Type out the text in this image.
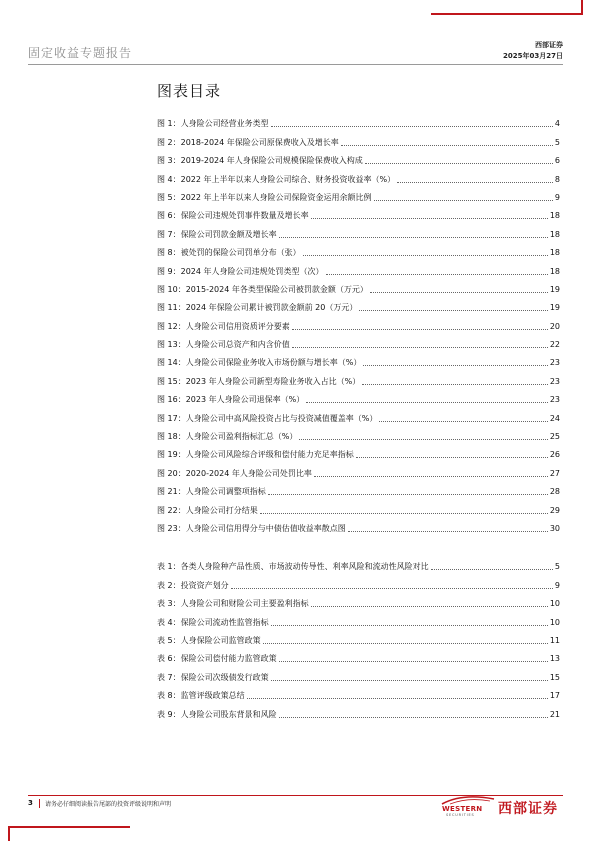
固定收益专题报告
西部证券
2025年03月27日
图表目录
图 1：人身险公司经营业务类型	4
图 2：2018-2024 年保险公司原保费收入及增长率	5
图 3：2019-2024 年人身保险公司规模保险保费收入构成	6
图 4：2022 年上半年以来人身险公司综合、财务投资收益率（%）	8
图 5：2022 年上半年以来人身险公司保险资金运用余额比例	9
图 6：保险公司违规处罚事件数量及增长率	18
图 7：保险公司罚款金额及增长率	18
图 8：被处罚的保险公司罚单分布（张）	18
图 9：2024 年人身险公司违规处罚类型（次）	18
图 10：2015-2024 年各类型保险公司被罚款金额（万元）	19
图 11：2024 年保险公司累计被罚款金额前 20（万元）	19
图 12：人身险公司信用资质评分要素	20
图 13：人身险公司总资产和内含价值	22
图 14：人身险公司保险业务收入市场份额与增长率（%）	23
图 15：2023 年人身险公司新型寿险业务收入占比（%）	23
图 16：2023 年人身险公司退保率（%）	23
图 17：人身险公司中高风险投资占比与投资减值覆盖率（%）	24
图 18：人身险公司盈利指标汇总（%）	25
图 19：人身险公司风险综合评级和偿付能力充足率指标	26
图 20：2020-2024 年人身险公司处罚比率	27
图 21：人身险公司调整项指标	28
图 22：人身险公司打分结果	29
图 23：人身险公司信用得分与中债估值收益率散点图	30
表 1：各类人身险种产品性质、市场波动传导性、利率风险和流动性风险对比	5
表 2：投资资产划分	9
表 3：人身险公司和财险公司主要盈利指标	10
表 4：保险公司流动性监管指标	10
表 5：人身保险公司监管政策	11
表 6：保险公司偿付能力监管政策	13
表 7：保险公司次级债发行政策	15
表 8：监管评级政策总结	17
表 9：人身险公司股东背景和风险	21
3 请务必仔细阅读报告尾部的投资评级说明和声明
WESTERN
SECURITIES 西部证券
